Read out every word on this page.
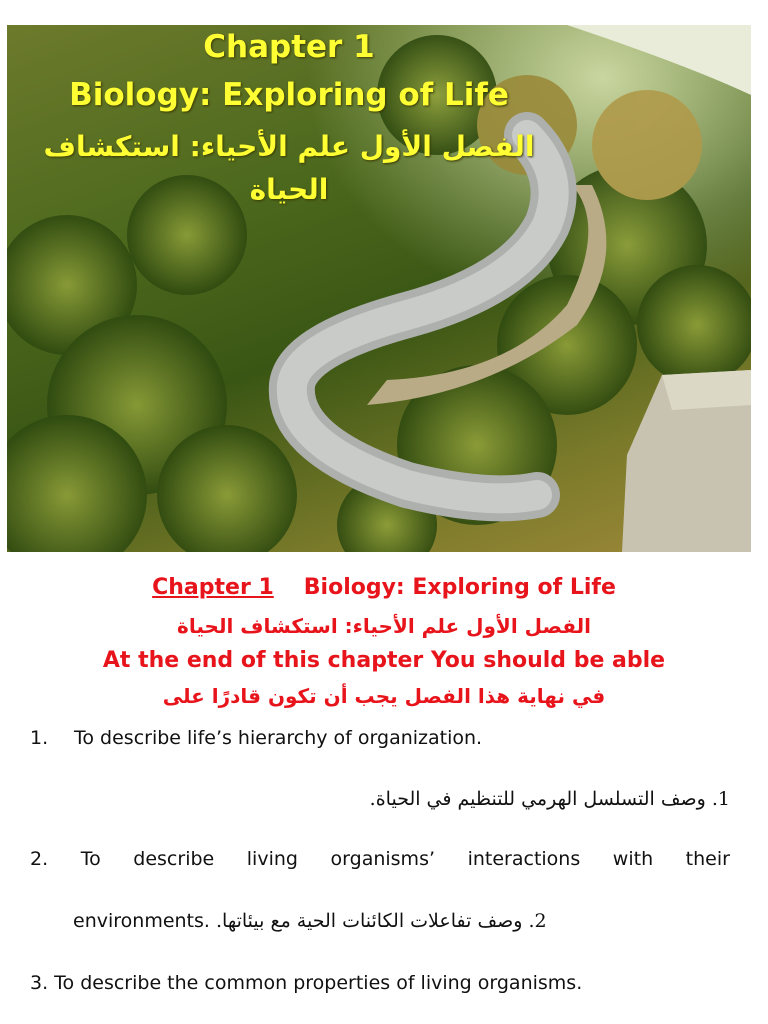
Chapter 1

Biology: Exploring of Life

الفصل الأول علم الأحياء: استكشاف

الحياة

Chapter 1 Biology: Exploring of Life

الفصل الأول علم الأحياء: استكشاف الحياة

At the end of this chapter You should be able

في نهاية هذا الفصل يجب أن تكون قادرًا على

1. To describe life’s hierarchy of organization.

1. وصف التسلسل الهرمي للتنظيم في الحياة.

2. To describe living organisms’ interactions with their

environments. 2. وصف تفاعلات الكائنات الحية مع بيئاتها.

3. To describe the common properties of living organisms.
